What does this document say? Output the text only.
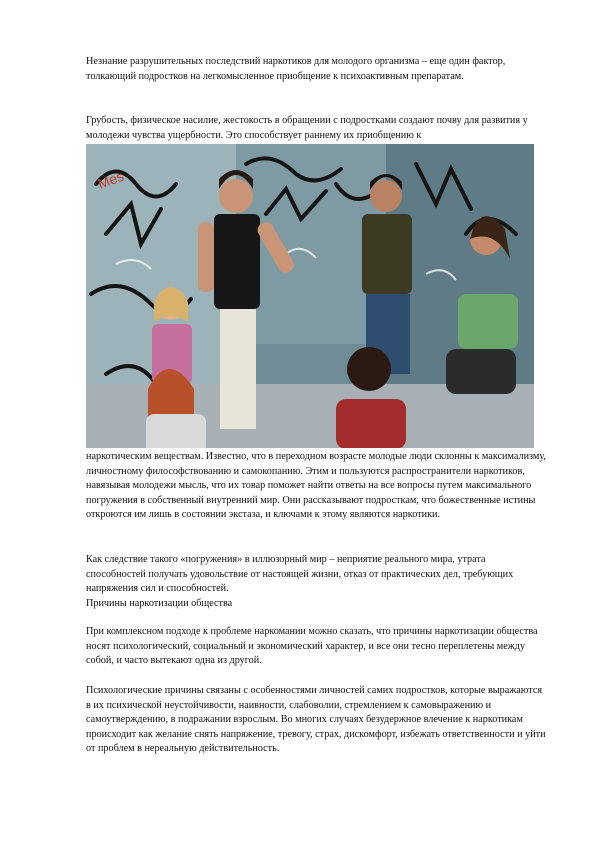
Незнание разрушительных последствий наркотиков для молодого организма – еще один фактор, толкающий подростков на легкомысленное приобщение к психоактивным препаратам.

Грубость, физическое насилие, жестокость в обращении с подростками создают почву для развития у молодежи чувства ущербности. Это способствует раннему их приобщению к

Mes

наркотическим веществам. Известно, что в переходном возрасте молодые люди склонны к максимализму, личностному философствованию и самокопанию. Этим и пользуются распространители наркотиков, навязывая молодежи мысль, что их товар поможет найти ответы на все вопросы путем максимального погружения в собственный внутренний мир. Они рассказывают подросткам, что божественные истины откроются им лишь в состоянии экстаза, и ключами к этому являются наркотики.

Как следствие такого «погружения» в иллюзорный мир – неприятие реального мира, утрата способностей получать удовольствие от настоящей жизни, отказ от практических дел, требующих напряжения сил и способностей.

Причины наркотизации общества

При комплексном подходе к проблеме наркомании можно сказать, что причины наркотизации общества носят психологический, социальный и экономический характер, и все они тесно переплетены между собой, и часто вытекают одна из другой.

Психологические причины связаны с особенностями личностей самих подростков, которые выражаются в их психической неустойчивости, наивности, слабоволии, стремлением к самовыражению и самоутверждению, в подражании взрослым. Во многих случаях безудержное влечение к наркотикам происходит как желание снять напряжение, тревогу, страх, дискомфорт, избежать ответственности и уйти от проблем в нереальную действительность.
